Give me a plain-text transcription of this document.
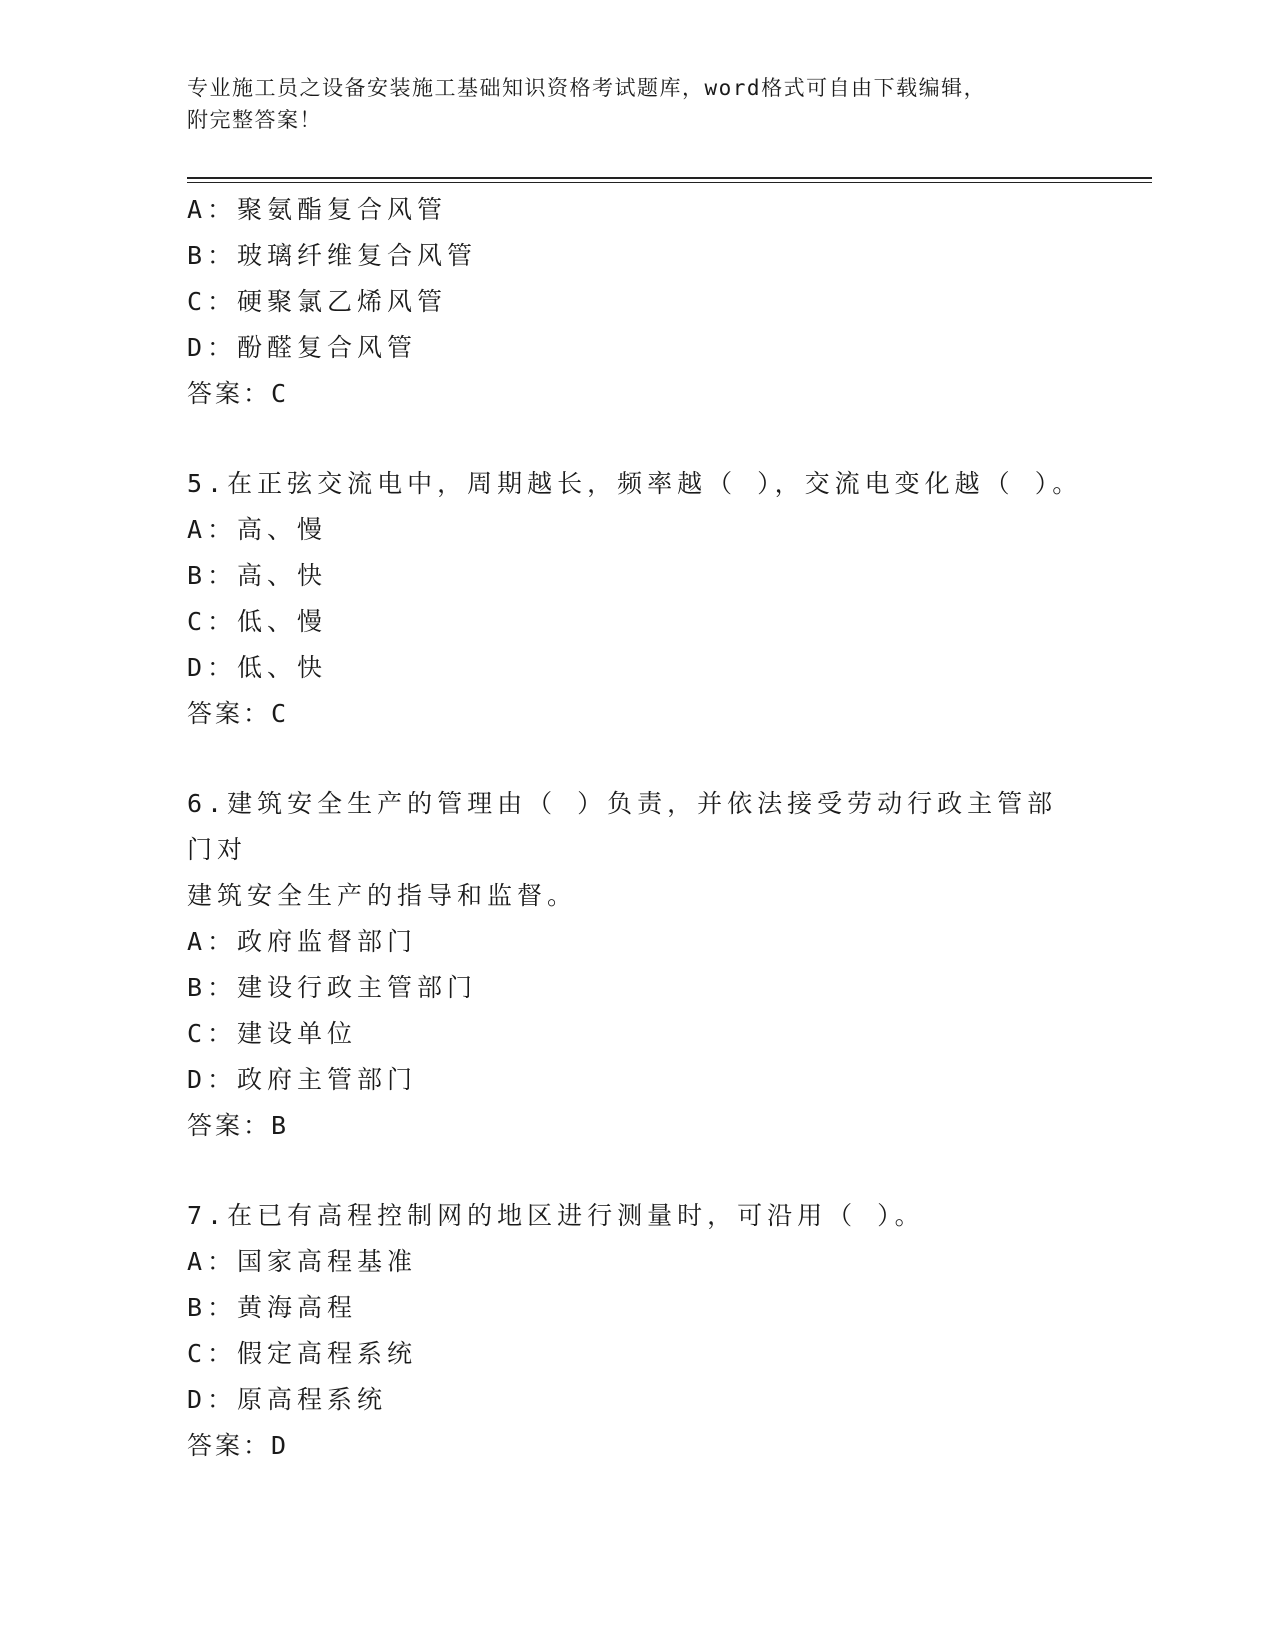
专业施工员之设备安装施工基础知识资格考试题库，word格式可自由下载编辑，
附完整答案！
A：聚氨酯复合风管
B：玻璃纤维复合风管
C：硬聚氯乙烯风管
D：酚醛复合风管
答案：C
5.在正弦交流电中，周期越长，频率越（ ），交流电变化越（ ）。
A：高、慢
B：高、快
C：低、慢
D：低、快
答案：C
6.建筑安全生产的管理由（ ）负责，并依法接受劳动行政主管部门对
建筑安全生产的指导和监督。
A：政府监督部门
B：建设行政主管部门
C：建设单位
D：政府主管部门
答案：B
7.在已有高程控制网的地区进行测量时，可沿用（ ）。
A：国家高程基准
B：黄海高程
C：假定高程系统
D：原高程系统
答案：D
